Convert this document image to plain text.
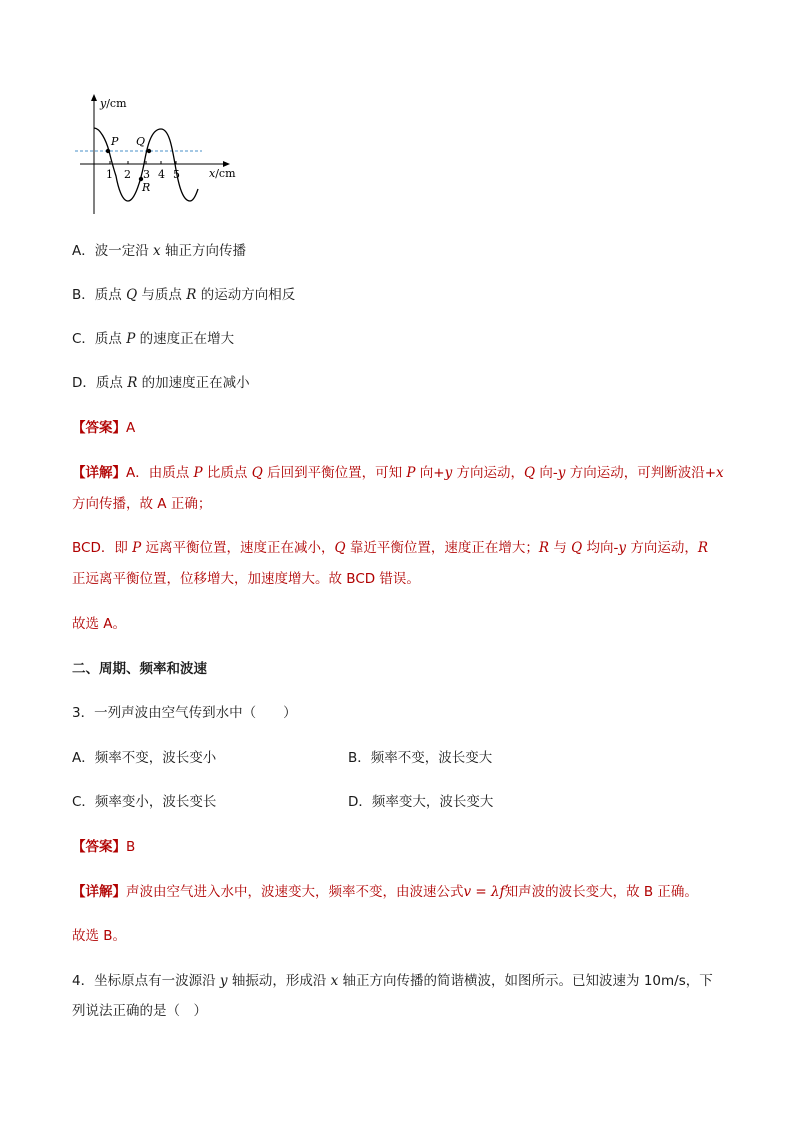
y/cm
x/cm
1 2 3 4 5
P Q
R
A．波一定沿 x 轴正方向传播
B．质点 Q 与质点 R 的运动方向相反
C．质点 P 的速度正在增大
D．质点 R 的加速度正在减小
【答案】A
【详解】A．由质点 P 比质点 Q 后回到平衡位置，可知 P 向+y 方向运动，Q 向-y 方向运动，可判断波沿+x
方向传播，故 A 正确；
BCD．即 P 远离平衡位置，速度正在减小，Q 靠近平衡位置，速度正在增大；R 与 Q 均向-y 方向运动，R
正远离平衡位置，位移增大，加速度增大。故 BCD 错误。
故选 A。
二、周期、频率和波速
3．一列声波由空气传到水中（　　）
A．频率不变，波长变小	B．频率不变，波长变大
C．频率变小，波长变长	D．频率变大，波长变大
【答案】B
【详解】声波由空气进入水中，波速变大，频率不变，由波速公式v = λf知声波的波长变大，故 B 正确。
故选 B。
4．坐标原点有一波源沿 y 轴振动，形成沿 x 轴正方向传播的简谐横波，如图所示。已知波速为 10m/s，下
列说法正确的是（　）
